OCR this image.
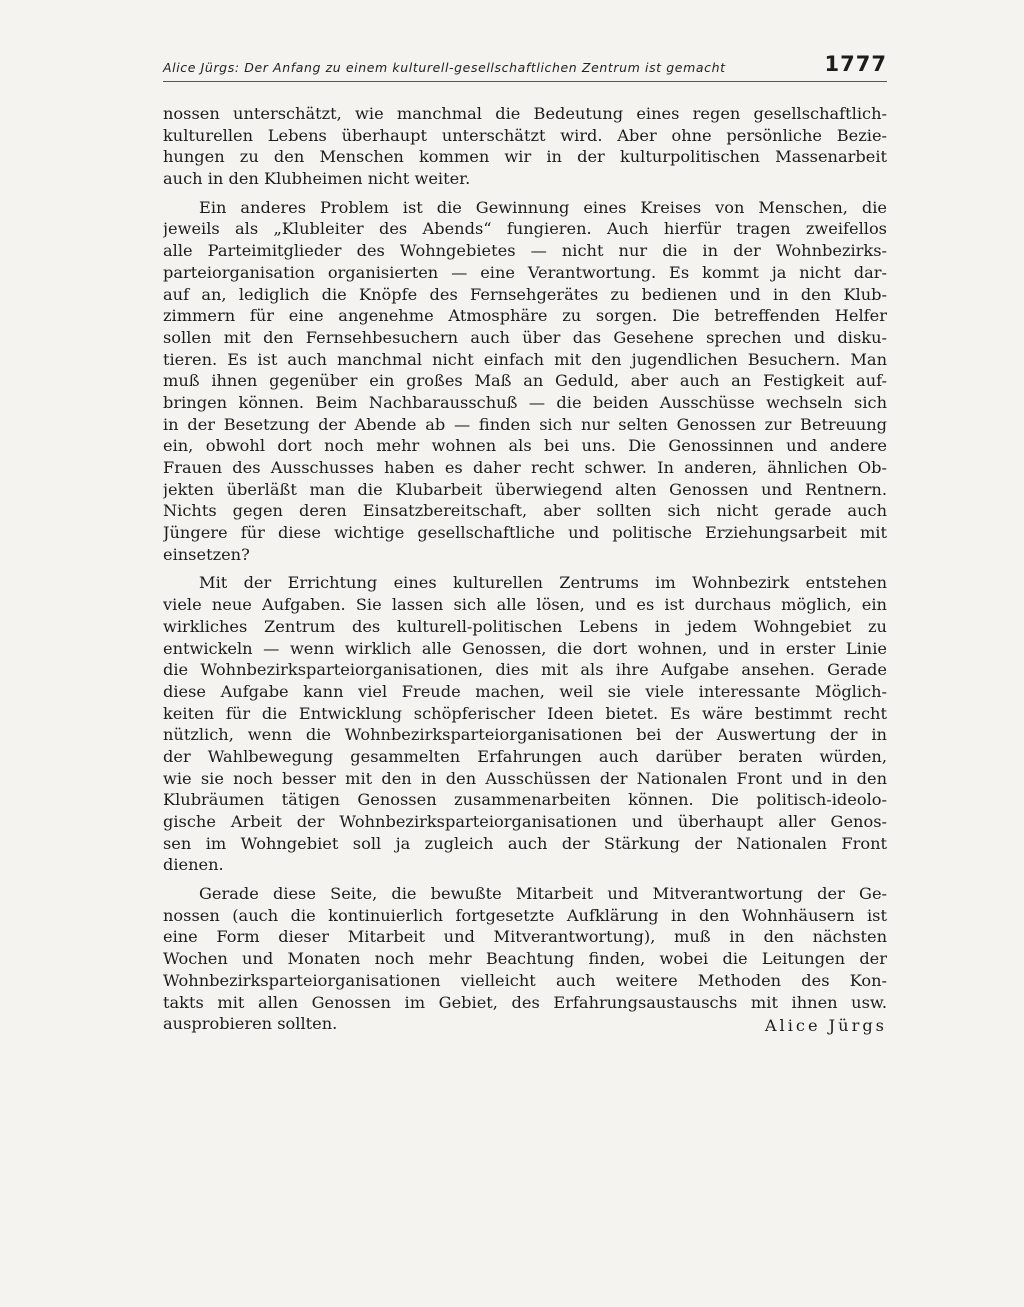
Alice Jürgs: Der Anfang zu einem kulturell-gesellschaftlichen Zentrum ist gemacht	1777
nossen unterschätzt, wie manchmal die Bedeutung eines regen gesellschaftlich-
kulturellen Lebens überhaupt unterschätzt wird. Aber ohne persönliche Bezie-
hungen zu den Menschen kommen wir in der kulturpolitischen Massenarbeit
auch in den Klubheimen nicht weiter.
Ein anderes Problem ist die Gewinnung eines Kreises von Menschen, die
jeweils als „Klubleiter des Abends“ fungieren. Auch hierfür tragen zweifellos
alle Parteimitglieder des Wohngebietes — nicht nur die in der Wohnbezirks-
parteiorganisation organisierten — eine Verantwortung. Es kommt ja nicht dar-
auf an, lediglich die Knöpfe des Fernsehgerätes zu bedienen und in den Klub-
zimmern für eine angenehme Atmosphäre zu sorgen. Die betreffenden Helfer
sollen mit den Fernsehbesuchern auch über das Gesehene sprechen und disku-
tieren. Es ist auch manchmal nicht einfach mit den jugendlichen Besuchern. Man
muß ihnen gegenüber ein großes Maß an Geduld, aber auch an Festigkeit auf-
bringen können. Beim Nachbarausschuß — die beiden Ausschüsse wechseln sich
in der Besetzung der Abende ab — finden sich nur selten Genossen zur Betreuung
ein, obwohl dort noch mehr wohnen als bei uns. Die Genossinnen und andere
Frauen des Ausschusses haben es daher recht schwer. In anderen, ähnlichen Ob-
jekten überläßt man die Klubarbeit überwiegend alten Genossen und Rentnern.
Nichts gegen deren Einsatzbereitschaft, aber sollten sich nicht gerade auch
Jüngere für diese wichtige gesellschaftliche und politische Erziehungsarbeit mit
einsetzen?
Mit der Errichtung eines kulturellen Zentrums im Wohnbezirk entstehen
viele neue Aufgaben. Sie lassen sich alle lösen, und es ist durchaus möglich, ein
wirkliches Zentrum des kulturell-politischen Lebens in jedem Wohngebiet zu
entwickeln — wenn wirklich alle Genossen, die dort wohnen, und in erster Linie
die Wohnbezirksparteiorganisationen, dies mit als ihre Aufgabe ansehen. Gerade
diese Aufgabe kann viel Freude machen, weil sie viele interessante Möglich-
keiten für die Entwicklung schöpferischer Ideen bietet. Es wäre bestimmt recht
nützlich, wenn die Wohnbezirksparteiorganisationen bei der Auswertung der in
der Wahlbewegung gesammelten Erfahrungen auch darüber beraten würden,
wie sie noch besser mit den in den Ausschüssen der Nationalen Front und in den
Klubräumen tätigen Genossen zusammenarbeiten können. Die politisch-ideolo-
gische Arbeit der Wohnbezirksparteiorganisationen und überhaupt aller Genos-
sen im Wohngebiet soll ja zugleich auch der Stärkung der Nationalen Front
dienen.
Gerade diese Seite, die bewußte Mitarbeit und Mitverantwortung der Ge-
nossen (auch die kontinuierlich fortgesetzte Aufklärung in den Wohnhäusern ist
eine Form dieser Mitarbeit und Mitverantwortung), muß in den nächsten
Wochen und Monaten noch mehr Beachtung finden, wobei die Leitungen der
Wohnbezirksparteiorganisationen vielleicht auch weitere Methoden des Kon-
takts mit allen Genossen im Gebiet, des Erfahrungsaustauschs mit ihnen usw.
ausprobieren sollten.	Alice Jürgs
